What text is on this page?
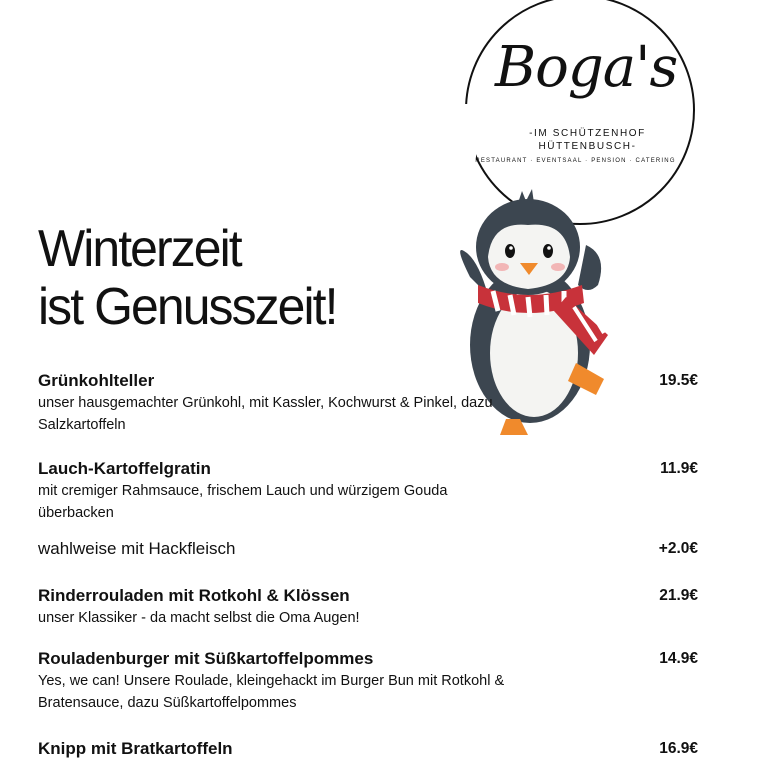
Boga's
-IM SCHÜTZENHOF
HÜTTENBUSCH-
RESTAURANT · EVENTSAAL · PENSION · CATERING
Winterzeit
ist Genusszeit!
Grünkohlteller
unser hausgemachter Grünkohl, mit Kassler, Kochwurst & Pinkel, dazu Salzkartoffeln
19.5€
Lauch-Kartoffelgratin
mit cremiger Rahmsauce, frischem Lauch und würzigem Gouda überbacken
11.9€
wahlweise mit Hackfleisch	+2.0€
Rinderrouladen mit Rotkohl & Klössen
unser Klassiker - da macht selbst die Oma Augen!
21.9€
Rouladenburger mit Süßkartoffelpommes
Yes, we can! Unsere Roulade, kleingehackt im Burger Bun mit Rotkohl & Bratensauce, dazu Süßkartoffelpommes
14.9€
Knipp mit Bratkartoffeln	16.9€
